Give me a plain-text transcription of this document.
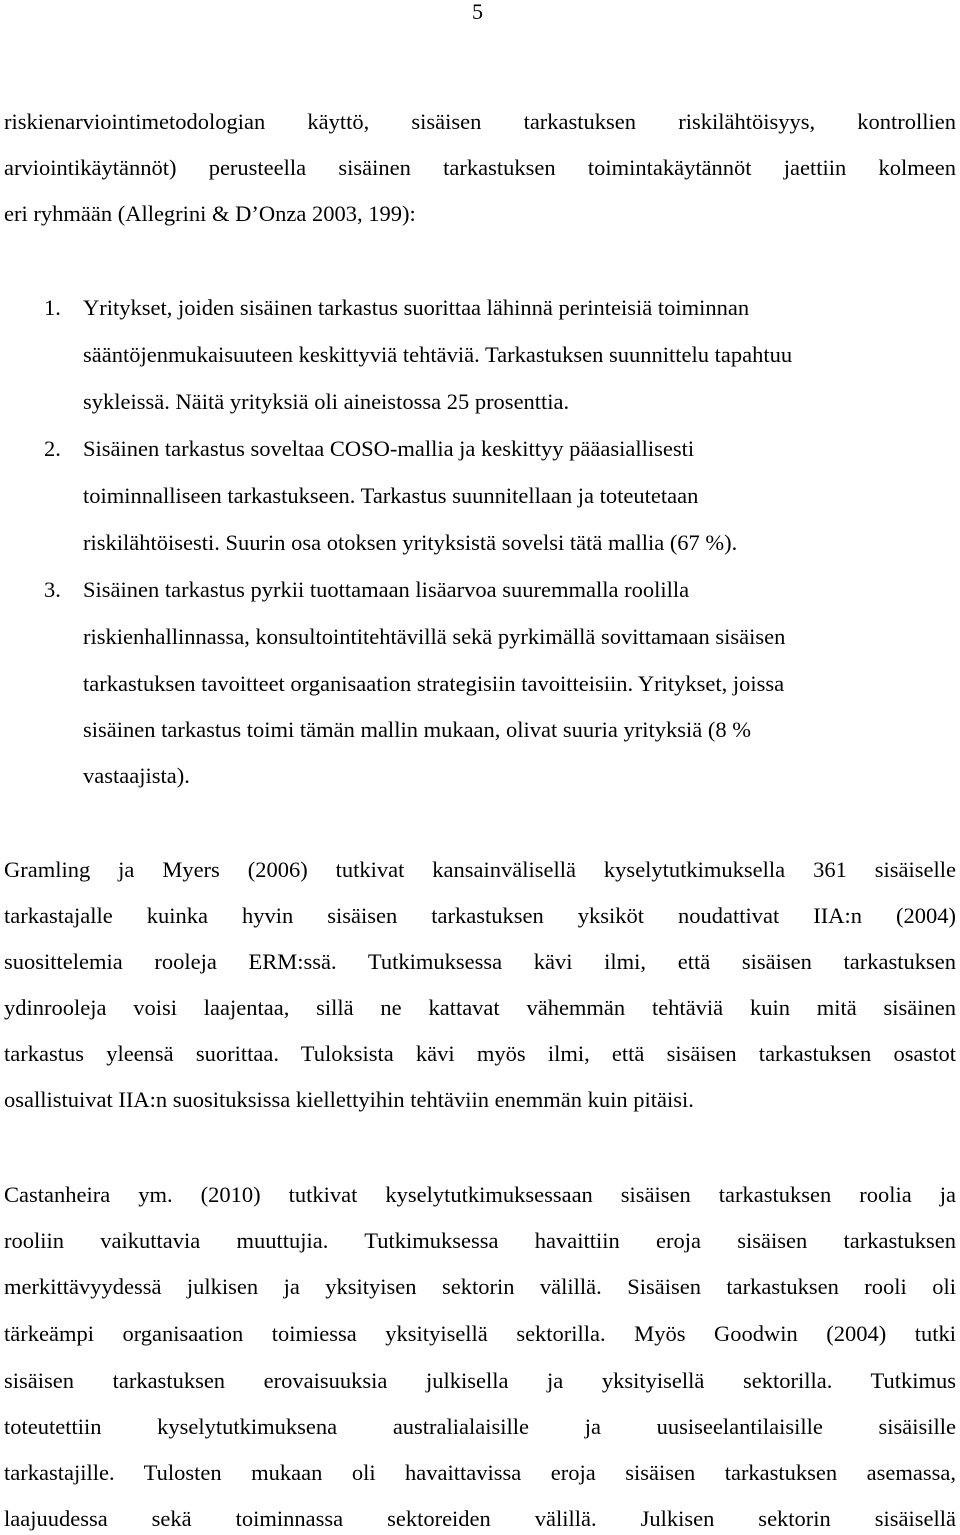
5
riskienarviointimetodologian käyttö, sisäisen tarkastuksen riskilähtöisyys, kontrollien
arviointikäytännöt) perusteella sisäinen tarkastuksen toimintakäytännöt jaettiin kolmeen
eri ryhmään (Allegrini & D’Onza 2003, 199):
1. Yritykset, joiden sisäinen tarkastus suorittaa lähinnä perinteisiä toiminnan
sääntöjenmukaisuuteen keskittyviä tehtäviä. Tarkastuksen suunnittelu tapahtuu
sykleissä. Näitä yrityksiä oli aineistossa 25 prosenttia.
2. Sisäinen tarkastus soveltaa COSO-mallia ja keskittyy pääasiallisesti
toiminnalliseen tarkastukseen. Tarkastus suunnitellaan ja toteutetaan
riskilähtöisesti. Suurin osa otoksen yrityksistä sovelsi tätä mallia (67 %).
3. Sisäinen tarkastus pyrkii tuottamaan lisäarvoa suuremmalla roolilla
riskienhallinnassa, konsultointitehtävillä sekä pyrkimällä sovittamaan sisäisen
tarkastuksen tavoitteet organisaation strategisiin tavoitteisiin. Yritykset, joissa
sisäinen tarkastus toimi tämän mallin mukaan, olivat suuria yrityksiä (8 %
vastaajista).
Gramling ja Myers (2006) tutkivat kansainvälisellä kyselytutkimuksella 361 sisäiselle
tarkastajalle kuinka hyvin sisäisen tarkastuksen yksiköt noudattivat IIA:n (2004)
suosittelemia rooleja ERM:ssä. Tutkimuksessa kävi ilmi, että sisäisen tarkastuksen
ydinrooleja voisi laajentaa, sillä ne kattavat vähemmän tehtäviä kuin mitä sisäinen
tarkastus yleensä suorittaa. Tuloksista kävi myös ilmi, että sisäisen tarkastuksen osastot
osallistuivat IIA:n suosituksissa kiellettyihin tehtäviin enemmän kuin pitäisi.
Castanheira ym. (2010) tutkivat kyselytutkimuksessaan sisäisen tarkastuksen roolia ja
rooliin vaikuttavia muuttujia. Tutkimuksessa havaittiin eroja sisäisen tarkastuksen
merkittävyydessä julkisen ja yksityisen sektorin välillä. Sisäisen tarkastuksen rooli oli
tärkeämpi organisaation toimiessa yksityisellä sektorilla. Myös Goodwin (2004) tutki
sisäisen tarkastuksen erovaisuuksia julkisella ja yksityisellä sektorilla. Tutkimus
toteutettiin kyselytutkimuksena australialaisille ja uusiseelantilaisille sisäisille
tarkastajille. Tulosten mukaan oli havaittavissa eroja sisäisen tarkastuksen asemassa,
laajuudessa sekä toiminnassa sektoreiden välillä. Julkisen sektorin sisäisellä
